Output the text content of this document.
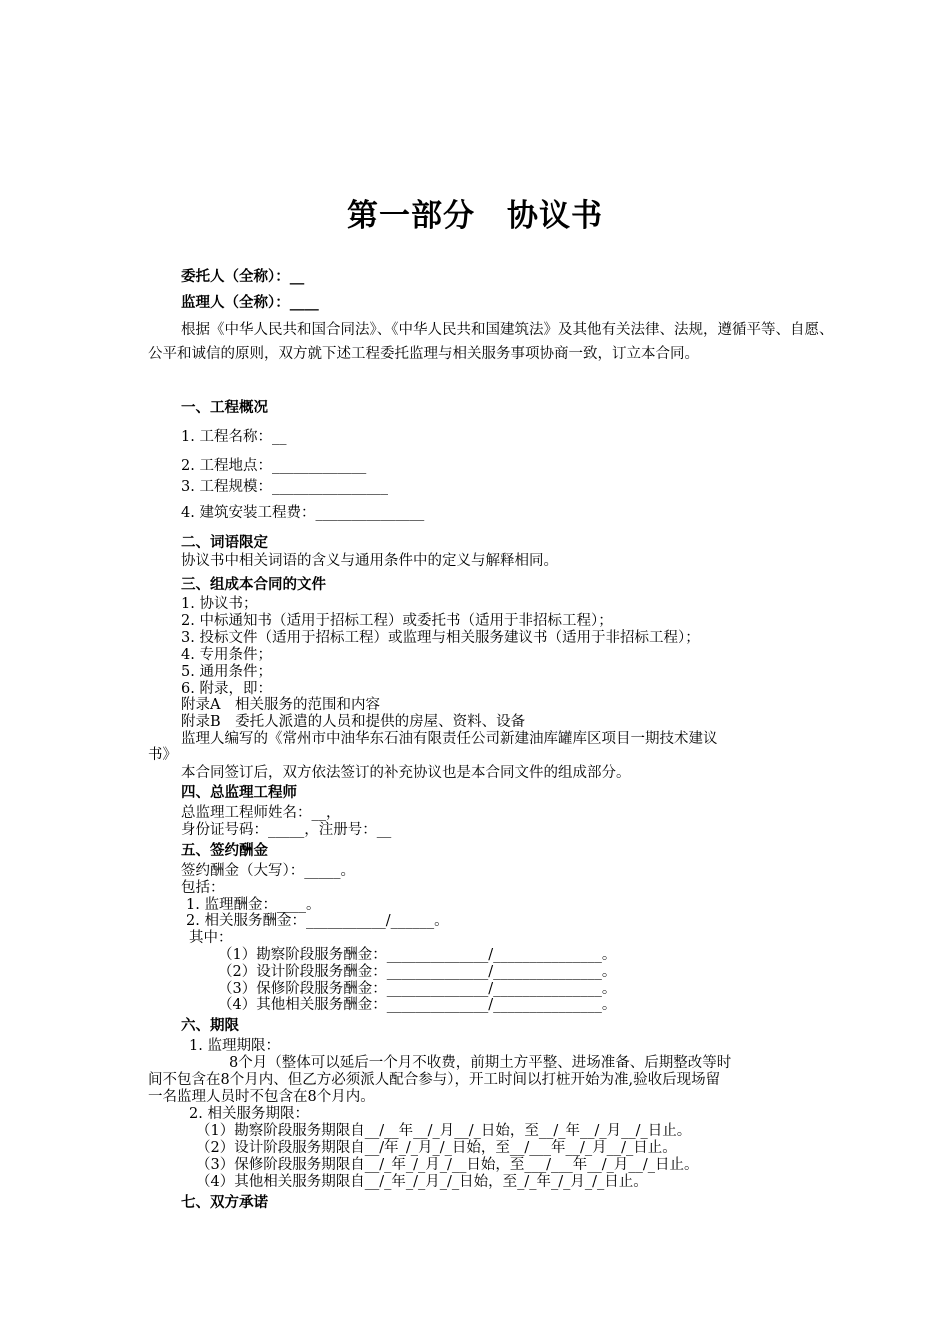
第一部分　协议书
委托人（全称）：__
监理人（全称）：____
根据《中华人民共和国合同法》、《中华人民共和国建筑法》及其他有关法律、法规，遵循平等、自愿、公平和诚信的原则，双方就下述工程委托监理与相关服务事项协商一致，订立本合同。
一、工程概况
1. 工程名称：__
2. 工程地点：_____________
3. 工程规模：________________
4. 建筑安装工程费：_______________
二、词语限定
协议书中相关词语的含义与通用条件中的定义与解释相同。
三、组成本合同的文件
1. 协议书；
2. 中标通知书（适用于招标工程）或委托书（适用于非招标工程）；
3. 投标文件（适用于招标工程）或监理与相关服务建议书（适用于非招标工程）；
4. 专用条件；
5. 通用条件；
6. 附录，即：
附录A　相关服务的范围和内容
附录B　委托人派遣的人员和提供的房屋、资料、设备
监理人编写的《常州市中油华东石油有限责任公司新建油库罐库区项目一期技术建议
书》
本合同签订后，双方依法签订的补充协议也是本合同文件的组成部分。
四、总监理工程师
总监理工程师姓名：__，
身份证号码：_____，注册号：__
五、签约酬金
签约酬金（大写）：_____。
包括：
1. 监理酬金：____。
2. 相关服务酬金：___________/______。
其中：
（1）勘察阶段服务酬金：______________/_______________。
（2）设计阶段服务酬金：______________/_______________。
（3）保修阶段服务酬金：______________/_______________。
（4）其他相关服务酬金：______________/_______________。
六、期限
1. 监理期限：
8个月（整体可以延后一个月不收费，前期土方平整、进场准备、后期整改等时
间不包含在8个月内、但乙方必须派人配合参与），开工时间以打桩开始为准,验收后现场留
一名监理人员时不包含在8个月内。
2. 相关服务期限：
（1）勘察阶段服务期限自__/__年__/_月__/_日始，至__/_年__/_月__/_日止。
（2）设计阶段服务期限自__/年_/_月_/_日始，至__/___年__/_月__/_日止。
（3）保修阶段服务期限自__/_年_/_月_/__日始，至___/___年__/_月__/_日止。
（4）其他相关服务期限自__/_年_/_月_/_日始，至_/_年_/_月_/_日止。
七、双方承诺
